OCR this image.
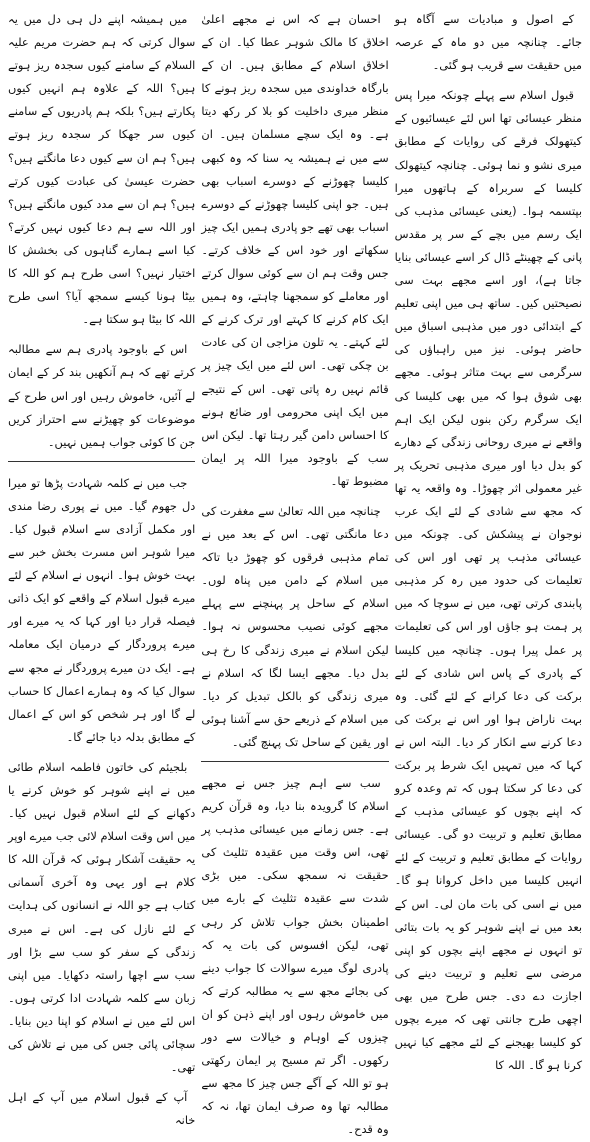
کے اصول و مبادیات سے آگاہ ہو جائے۔ چنانچہ میں دو ماہ کے عرصہ میں حقیقت سے قریب ہو گئی۔

قبول اسلام سے پہلے چونکہ میرا پس منظر عیسائی تھا اس لئے عیسائیوں کے کیتھولک فرقے کی روایات کے مطابق میری نشو و نما ہوئی۔ چنانچہ کیتھولک کلیسا کے سربراہ کے ہاتھوں میرا بپتسمہ ہوا۔ (یعنی عیسائی مذہب کی ایک رسم میں بچے کے سر پر مقدس پانی کے چھینٹے ڈال کر اسے عیسائی بنایا جاتا ہے)، اور اسے مجھے بہت سی نصیحتیں کیں۔ ساتھ ہی میں اپنی تعلیم کے ابتدائی دور میں مذہبی اسباق میں حاضر ہوئی۔ نیز میں راہباؤں کی سرگرمی سے بہت متاثر ہوئی۔ مجھے بھی شوق ہوا کہ میں بھی کلیسا کی ایک سرگرم رکن بنوں لیکن ایک اہم واقعے نے میری روحانی زندگی کے دھارے کو بدل دیا اور میری مذہبی تحریک پر غیر معمولی اثر چھوڑا۔ وہ واقعہ یہ تھا کہ مجھ سے شادی کے لئے ایک عرب نوجوان نے پیشکش کی۔ چونکہ میں عیسائی مذہب پر تھی اور اس کی تعلیمات کی حدود میں رہ کر مذہبی پابندی کرتی تھی، میں نے سوچا کہ میں پر ہمت ہو جاؤں اور اس کی تعلیمات پر عمل پیرا ہوں۔ چنانچہ میں کلیسا کے پادری کے پاس اس شادی کے لئے برکت کی دعا کرانے کے لئے گئی۔ وہ بہت ناراض ہوا اور اس نے برکت کی دعا کرنے سے انکار کر دیا۔ البتہ اس نے کہا کہ میں تمہیں ایک شرط پر برکت کی دعا کر سکتا ہوں کہ تم وعدہ کرو کہ اپنے بچوں کو عیسائی مذہب کے مطابق تعلیم و تربیت دو گی۔ عیسائی روایات کے مطابق تعلیم و تربیت کے لئے انہیں کلیسا میں داخل کروانا ہو گا۔ میں نے اسی کی بات مان لی۔ اس کے بعد میں نے اپنے شوہر کو یہ بات بتائی تو انہوں نے مجھے اپنے بچوں کو اپنی مرضی سے تعلیم و تربیت دینے کی اجازت دے دی۔ جس طرح میں بھی اچھی طرح جانتی تھی کہ میرے بچوں کو کلیسا بھیجنے کے لئے مجھے کیا نہیں کرنا ہو گا۔ اللہ کا

احسان ہے کہ اس نے مجھے اعلیٰ اخلاق کا مالک شوہر عطا کیا۔ ان کے اخلاق اسلام کے مطابق ہیں۔ ان کے بارگاہ خداوندی میں سجدہ ریز ہونے کا منظر میری داخلیت کو بلا کر رکھ دیتا ہے۔ وہ ایک سچے مسلمان ہیں۔ ان سے میں نے ہمیشہ یہ سنا کہ وہ کبھی کلیسا چھوڑنے کے دوسرے اسباب بھی ہیں۔ جو اپنی کلیسا چھوڑنے کے دوسرے اسباب بھی تھے جو پادری ہمیں ایک چیز سکھاتے اور خود اس کے خلاف کرتے۔ جس وقت ہم ان سے کوئی سوال کرتے اور معاملے کو سمجھنا چاہتے، وہ ہمیں ایک کام کرنے کا کہتے اور ترک کرنے کے لئے کہتے۔ یہ تلون مزاجی ان کی عادت بن چکی تھی۔ اس لئے میں ایک چیز پر قائم نہیں رہ پاتی تھی۔ اس کے نتیجے میں ایک اپنی محرومی اور ضائع ہونے کا احساس دامن گیر رہتا تھا۔ لیکن اس سب کے باوجود میرا اللہ پر ایمان مضبوط تھا۔

چنانچہ میں اللہ تعالیٰ سے مغفرت کی دعا مانگتی تھی۔ اس کے بعد میں نے تمام مذہبی فرقوں کو چھوڑ دیا تاکہ میں اسلام کے دامن میں پناہ لوں۔ اسلام کے ساحل پر پہنچنے سے پہلے مجھے کوئی نصیب محسوس نہ ہوا۔ لیکن اسلام نے میری زندگی کا رخ ہی بدل دیا۔ مجھے ایسا لگا کہ اسلام نے میری زندگی کو بالکل تبدیل کر دیا۔ میں اسلام کے ذریعے حق سے آشنا ہوئی اور یقین کے ساحل تک پہنچ گئی۔

سب سے اہم چیز جس نے مجھے اسلام کا گرویدہ بنا دیا، وہ قرآن کریم ہے۔ جس زمانے میں عیسائی مذہب پر تھی، اس وقت میں عقیدہ تثلیث کی حقیقت نہ سمجھ سکی۔ میں بڑی شدت سے عقیدہ تثلیث کے بارے میں اطمینان بخش جواب تلاش کر رہی تھی، لیکن افسوس کی بات یہ کہ پادری لوگ میرے سوالات کا جواب دینے کی بجائے مجھ سے یہ مطالبہ کرتے کہ میں خاموش رہوں اور اپنے ذہن کو ان چیزوں کے اوہام و خیالات سے دور رکھوں۔ اگر تم مسیح پر ایمان رکھتی ہو تو اللہ کے آگے جس چیز کا مجھ سے مطالبہ تھا وہ صرف ایمان تھا، نہ کہ وہ قدح۔

میں ہمیشہ اپنے دل ہی دل میں یہ سوال کرتی کہ ہم حضرت مریم علیہ السلام کے سامنے کیوں سجدہ ریز ہوتے ہیں؟ اللہ کے علاوہ ہم انہیں کیوں پکارتے ہیں؟ بلکہ ہم پادریوں کے سامنے کیوں سر جھکا کر سجدہ ریز ہوتے ہیں؟ ہم ان سے کیوں دعا مانگتے ہیں؟ حضرت عیسیٰ کی عبادت کیوں کرتے ہیں؟ ہم ان سے مدد کیوں مانگتے ہیں؟ اور اللہ سے ہم دعا کیوں نہیں کرتے؟ کیا اسے ہمارے گناہوں کی بخشش کا اختیار نہیں؟ اسی طرح ہم کو اللہ کا بیٹا ہونا کیسے سمجھ آیا؟ اسی طرح اللہ کا بیٹا ہو سکتا ہے۔

اس کے باوجود پادری ہم سے مطالبہ کرتے تھے کہ ہم آنکھیں بند کر کے ایمان لے آئیں، خاموش رہیں اور اس طرح کے موضوعات کو چھیڑنے سے احتراز کریں جن کا کوئی جواب ہمیں نہیں۔

جب میں نے کلمہ شہادت پڑھا تو میرا دل جھوم گیا۔ میں نے پوری رضا مندی اور مکمل آزادی سے اسلام قبول کیا۔ میرا شوہر اس مسرت بخش خبر سے بہت خوش ہوا۔ انہوں نے اسلام کے لئے میرے قبول اسلام کے واقعے کو ایک ذاتی فیصلہ قرار دیا اور کہا کہ یہ میرے اور میرے پروردگار کے درمیان ایک معاملہ ہے۔ ایک دن میرے پروردگار نے مجھ سے سوال کیا کہ وہ ہمارے اعمال کا حساب لے گا اور ہر شخص کو اس کے اعمال کے مطابق بدلہ دیا جائے گا۔

بلجیئم کی خاتون فاطمہ اسلام طائی میں نے اپنے شوہر کو خوش کرنے یا دکھانے کے لئے اسلام قبول نہیں کیا۔ میں اس وقت اسلام لائی جب میرے اوپر یہ حقیقت آشکار ہوئی کہ قرآن اللہ کا کلام ہے اور یہی وہ آخری آسمانی کتاب ہے جو اللہ نے انسانوں کی ہدایت کے لئے نازل کی ہے۔ اس نے میری زندگی کے سفر کو سب سے بڑا اور سب سے اچھا راستہ دکھایا۔ میں اپنی زبان سے کلمہ شہادت ادا کرتی ہوں۔ اس لئے میں نے اسلام کو اپنا دین بنایا۔ سچائی پائی جس کی میں نے تلاش کی تھی۔

آپ کے قبول اسلام میں آپ کے اہل خانہ
